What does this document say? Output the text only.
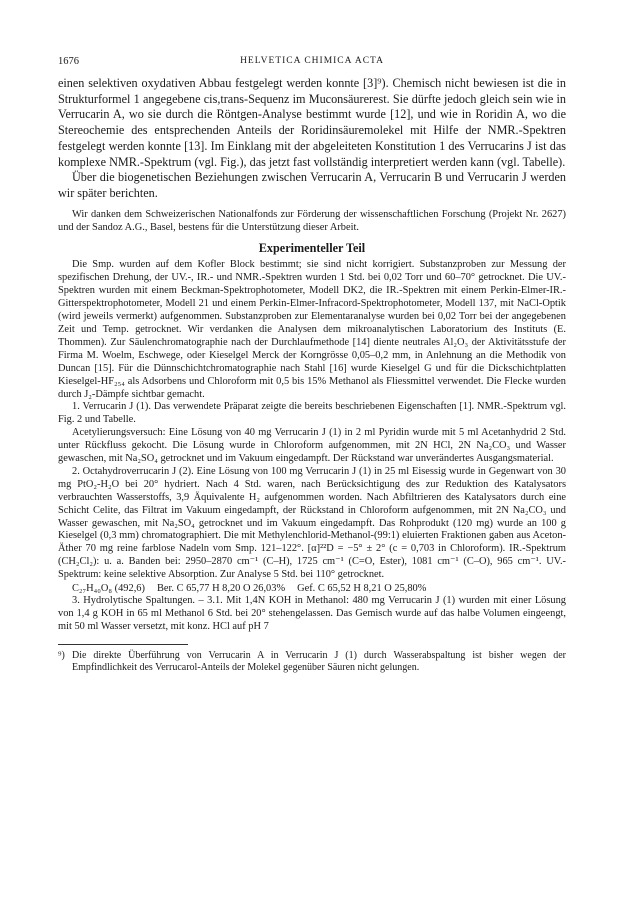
1676	HELVETICA CHIMICA ACTA

einen selektiven oxydativen Abbau festgelegt werden konnte [3]⁹). Chemisch nicht bewiesen ist die in Strukturformel 1 angegebene cis,trans-Sequenz im Muconsäurerest. Sie dürfte jedoch gleich sein wie in Verrucarin A, wo sie durch die Röntgen-Analyse bestimmt wurde [12], und wie in Roridin A, wo die Stereochemie des entsprechenden Anteils der Roridinsäuremolekel mit Hilfe der NMR.-Spektren festgelegt werden konnte [13]. Im Einklang mit der abgeleiteten Konstitution 1 des Verrucarins J ist das komplexe NMR.-Spektrum (vgl. Fig.), das jetzt fast vollständig interpretiert werden kann (vgl. Tabelle).

Über die biogenetischen Beziehungen zwischen Verrucarin A, Verrucarin B und Verrucarin J werden wir später berichten.

Wir danken dem Schweizerischen Nationalfonds zur Förderung der wissenschaftlichen Forschung (Projekt Nr. 2627) und der Sandoz A.G., Basel, bestens für die Unterstützung dieser Arbeit.

Experimenteller Teil

Die Smp. wurden auf dem Kofler Block bestimmt; sie sind nicht korrigiert. Substanzproben zur Messung der spezifischen Drehung, der UV.-, IR.- und NMR.-Spektren wurden 1 Std. bei 0,02 Torr und 60–70° getrocknet. Die UV.-Spektren wurden mit einem Beckman-Spektrophotometer, Modell DK2, die IR.-Spektren mit einem Perkin-Elmer-IR.-Gitterspektrophotometer, Modell 21 und einem Perkin-Elmer-Infracord-Spektrophotometer, Modell 137, mit NaCl-Optik (wird jeweils vermerkt) aufgenommen. Substanzproben zur Elementaranalyse wurden bei 0,02 Torr bei der angegebenen Zeit und Temp. getrocknet. Wir verdanken die Analysen dem mikroanalytischen Laboratorium des Instituts (E. Thommen). Zur Säulenchromatographie nach der Durchlaufmethode [14] diente neutrales Al₂O₃ der Aktivitätsstufe der Firma M. Woelm, Eschwege, oder Kieselgel Merck der Korngrösse 0,05–0,2 mm, in Anlehnung an die Methodik von Duncan [15]. Für die Dünnschichtchromatographie nach Stahl [16] wurde Kieselgel G und für die Dickschichtplatten Kieselgel-HF₂₅₄ als Adsorbens und Chloroform mit 0,5 bis 15% Methanol als Fliessmittel verwendet. Die Flecke wurden durch J₂-Dämpfe sichtbar gemacht.

1. Verrucarin J (1). Das verwendete Präparat zeigte die bereits beschriebenen Eigenschaften [1]. NMR.-Spektrum vgl. Fig. 2 und Tabelle.

Acetylierungsversuch: Eine Lösung von 40 mg Verrucarin J (1) in 2 ml Pyridin wurde mit 5 ml Acetanhydrid 2 Std. unter Rückfluss gekocht. Die Lösung wurde in Chloroform aufgenommen, mit 2N HCl, 2N Na₂CO₃ und Wasser gewaschen, mit Na₂SO₄ getrocknet und im Vakuum eingedampft. Der Rückstand war unverändertes Ausgangsmaterial.

2. Octahydroverrucarin J (2). Eine Lösung von 100 mg Verrucarin J (1) in 25 ml Eisessig wurde in Gegenwart von 30 mg PtO₂-H₂O bei 20° hydriert. Nach 4 Std. waren, nach Berücksichtigung des zur Reduktion des Katalysators verbrauchten Wasserstoffs, 3,9 Äquivalente H₂ aufgenommen worden. Nach Abfiltrieren des Katalysators durch eine Schicht Celite, das Filtrat im Vakuum eingedampft, der Rückstand in Chloroform aufgenommen, mit 2N Na₂CO₃ und Wasser gewaschen, mit Na₂SO₄ getrocknet und im Vakuum eingedampft. Das Rohprodukt (120 mg) wurde an 100 g Kieselgel (0,3 mm) chromatographiert. Die mit Methylenchlorid-Methanol-(99:1) eluierten Fraktionen gaben aus Aceton-Äther 70 mg reine farblose Nadeln vom Smp. 121–122°. [α]²²D = −5° ± 2° (c = 0,703 in Chloroform). IR.-Spektrum (CH₂Cl₂): u. a. Banden bei: 2950–2870 cm⁻¹ (C–H), 1725 cm⁻¹ (C=O, Ester), 1081 cm⁻¹ (C–O), 965 cm⁻¹. UV.-Spektrum: keine selektive Absorption. Zur Analyse 5 Std. bei 110° getrocknet.

C₂₇H₄₀O₈ (492,6) Ber. C 65,77 H 8,20 O 26,03% Gef. C 65,52 H 8,21 O 25,80%

3. Hydrolytische Spaltungen. – 3.1. Mit 1,4N KOH in Methanol: 480 mg Verrucarin J (1) wurden mit einer Lösung von 1,4 g KOH in 65 ml Methanol 6 Std. bei 20° stehengelassen. Das Gemisch wurde auf das halbe Volumen eingeengt, mit 50 ml Wasser versetzt, mit konz. HCl auf pH 7

⁹) Die direkte Überführung von Verrucarin A in Verrucarin J (1) durch Wasserabspaltung ist bisher wegen der Empfindlichkeit des Verrucarol-Anteils der Molekel gegenüber Säuren nicht gelungen.
